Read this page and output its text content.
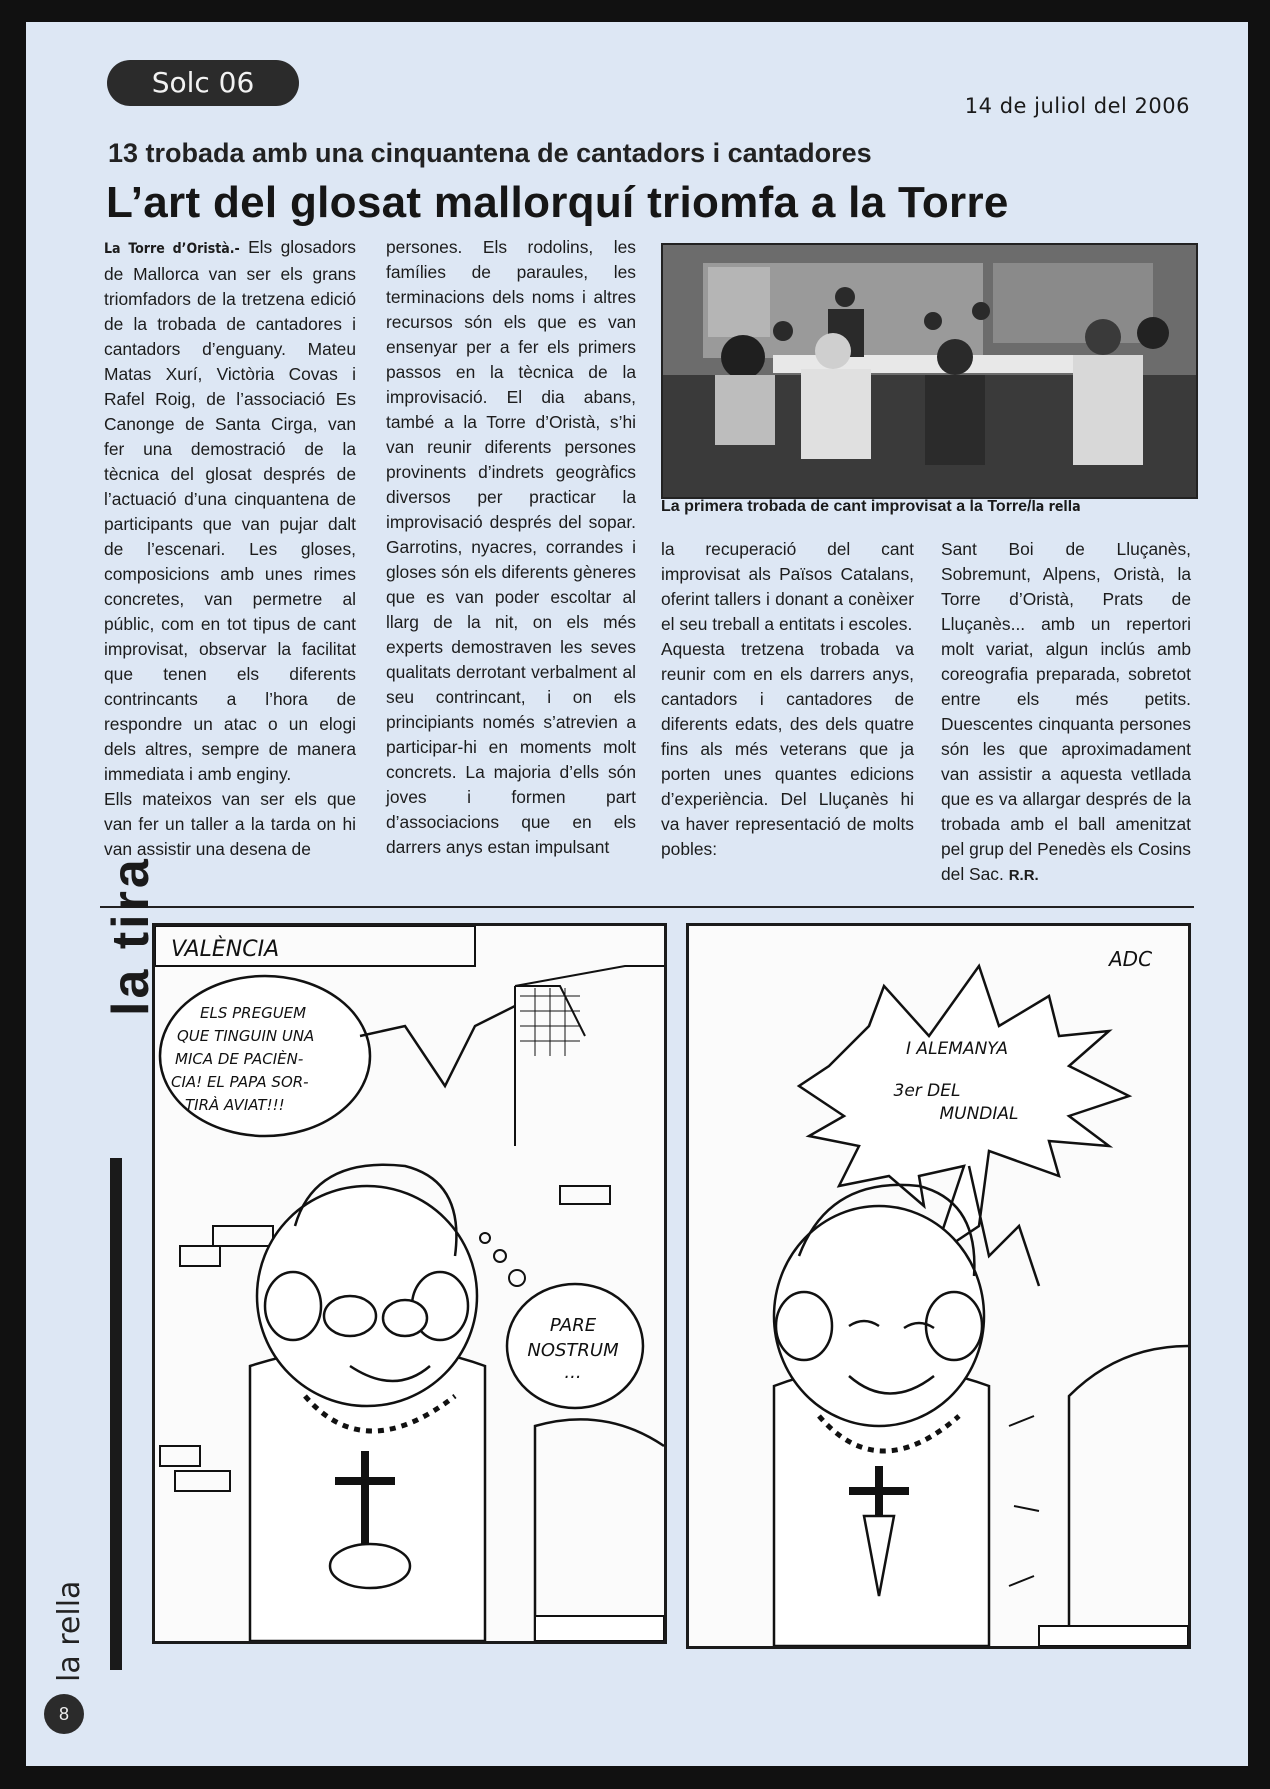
Solc 06
14 de juliol del 2006
13 trobada amb una cinquantena de cantadors i cantadores
L’art del glosat mallorquí triomfa a la Torre

La Torre d’Oristà.- Els glosadors de Mallorca van ser els grans triomfadors de la tretzena edició de la trobada de cantadores i cantadors d’enguany. Mateu Matas Xurí, Victòria Covas i Rafel Roig, de l’associació Es Canonge de Santa Cirga, van fer una demostració de la tècnica del glosat després de l’actuació d’una cinquantena de participants que van pujar dalt de l’escenari. Les gloses, composicions amb unes rimes concretes, van permetre al públic, com en tot tipus de cant improvisat, observar la facilitat que tenen els diferents contrincants a l’hora de respondre un atac o un elogi dels altres, sempre de manera immediata i amb enginy.

Ells mateixos van ser els que van fer un taller a la tarda on hi van assistir una desena de

persones. Els rodolins, les famílies de paraules, les terminacions dels noms i altres recursos són els que es van ensenyar per a fer els primers passos en la tècnica de la improvisació. El dia abans, també a la Torre d’Oristà, s’hi van reunir diferents persones provinents d’indrets geogràfics diversos per practicar la improvisació després del sopar. Garrotins, nyacres, corrandes i gloses són els diferents gèneres que es van poder escoltar al llarg de la nit, on els més experts demostraven les seves qualitats derrotant verbalment al seu contrincant, i on els principiants només s’atrevien a participar-hi en moments molt concrets. La majoria d’ells són joves i formen part d’associacions que en els darrers anys estan impulsant

La primera trobada de cant improvisat a la Torre/la rella

la recuperació del cant improvisat als Països Catalans, oferint tallers i donant a conèixer el seu treball a entitats i escoles.

Aquesta tretzena trobada va reunir com en els darrers anys, cantadors i cantadores de diferents edats, des dels quatre fins als més veterans que ja porten unes quantes edicions d’experiència. Del Lluçanès hi va haver representació de molts pobles:

Sant Boi de Lluçanès, Sobremunt, Alpens, Oristà, la Torre d’Oristà, Prats de Lluçanès... amb un repertori molt variat, algun inclús amb coreografia preparada, sobretot entre els més petits. Duescentes cinquanta persones són les que aproximadament van assistir a aquesta vetllada que es va allargar després de la trobada amb el ball amenitzat pel grup del Penedès els Cosins del Sac. R.R.

VALÈNCIA
ELS PREGUEM
QUE TINGUIN UNA
MICA DE PACIÈN-
CIA! EL PAPA SOR-
TIRÀ AVIAT!!!
PARE
NOSTRUM
...
ADC
I ALEMANYA
3er DEL
MUNDIAL
la rella
8
